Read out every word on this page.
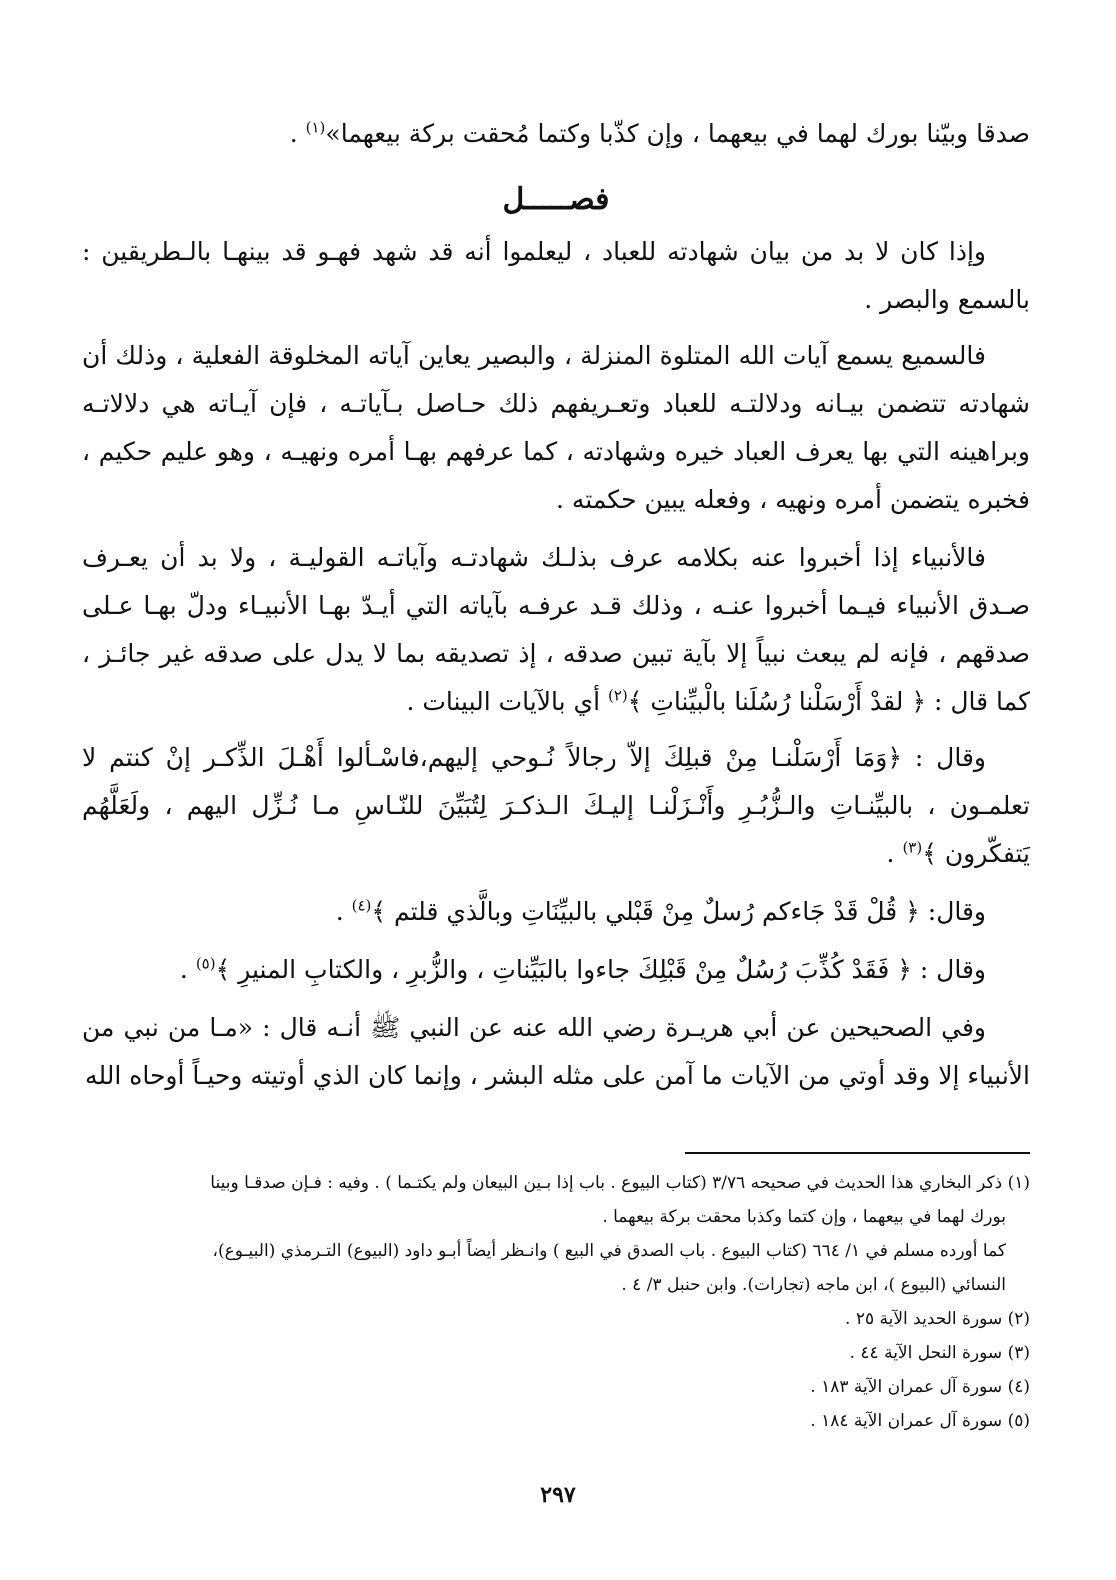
صدقا وبيّنا بورك لهما في بيعهما ، وإن كذّبا وكتما مُحقت بركة بيعهما»$^{(١)}$ .

فصـــــل

وإذا كان لا بد من بيان شهادته للعباد ، ليعلموا أنه قد شهد فهـو قد بينهـا بالـطريقين : بالسمع والبصر .

فالسميع يسمع آيات الله المتلوة المنزلة ، والبصير يعاين آياته المخلوقة الفعلية ، وذلك أن شهادته تتضمن بيـانه ودلالتـه للعباد وتعـريفهم ذلك حـاصل بـآياتـه ، فإن آيـاته هي دلالاتـه وبراهينه التي بها يعرف العباد خيره وشهادته ، كما عرفهم بهـا أمره ونهيـه ، وهو عليم حكيم ، فخبره يتضمن أمره ونهيه ، وفعله يبين حكمته .

فالأنبياء إذا أخبروا عنه بكلامه عرف بذلـك شهادتـه وآياتـه القوليـة ، ولا بد أن يعـرف صـدق الأنبياء فيـما أخبروا عنـه ، وذلك قـد عرفـه بآياته التي أيـدّ بهـا الأنبيـاء ودلّ بهـا عـلى صدقهم ، فإنه لم يبعث نبياً إلا بآية تبين صدقه ، إذ تصديقه بما لا يدل على صدقه غير جائـز ، كما قال : ﴿ لقدْ أَرْسَلْنا رُسُلَنا بالْبيِّناتِ ﴾$^{(٢)}$ أي بالآيات البينات .

وقال : ﴿وَمَا أَرْسَلْنـا مِنْ قبلِكَ إلاّ رجالاً نُـوحي إليهم،فاسْـألوا أَهْـلَ الذِّكـر إنْ كنتم لا تعلمـون ، بالبيِّنـاتِ والـزُّبُـرِ وأَنْـزَلْنـا إليـكَ الـذكـرَ لِتُبَيِّنَ للنّـاسِ مـا نُـزِّل اليهم ، ولَعَلَّهُم يَتفكّرون ﴾$^{(٣)}$ .

وقال: ﴿ قُلْ قَدْ جَاءكم رُسلٌ مِنْ قَبْلي بالبيِّنَاتِ وبالَّذي قلتم ﴾$^{(٤)}$ .

وقال : ﴿ فَقَدْ كُذِّبَ رُسُلٌ مِنْ قَبْلِكَ جاءوا بالبَيِّناتِ ، والزُّبرِ ، والكتابِ المنيرِ ﴾$^{(٥)}$ .

وفي الصحيحين عن أبي هريـرة رضي الله عنه عن النبي ﷺ أنـه قال : «مـا من نبي من الأنبياء إلا وقد أوتي من الآيات ما آمن على مثله البشر ، وإنما كان الذي أوتيته وحيـاً أوحاه الله

(١) ذكر البخاري هذا الحديث في صحيحه ٣/٧٦ (كتاب البيوع . باب إذا بـين البيعان ولم يكتـما ) . وفيه : فـإن صدقـا وبينا

بورك لهما في بيعهما ، وإن كتما وكذبا محقت بركة بيعهما .

كما أورده مسلم في ١/ ٦٦٤ (كتاب البيوع . باب الصدق في البيع ) وانـظر أيضاً أبـو داود (البيوع) التـرمذي (البيـوع)،

النسائي (البيوع )، ابن ماجه (تجارات). وابن حنبل ٣/ ٤ .

(٢) سورة الحديد الآية ٢٥ .

(٣) سورة النحل الآية ٤٤ .

(٤) سورة آل عمران الآية ١٨٣ .

(٥) سورة آل عمران الآية ١٨٤ .

٢٩٧
